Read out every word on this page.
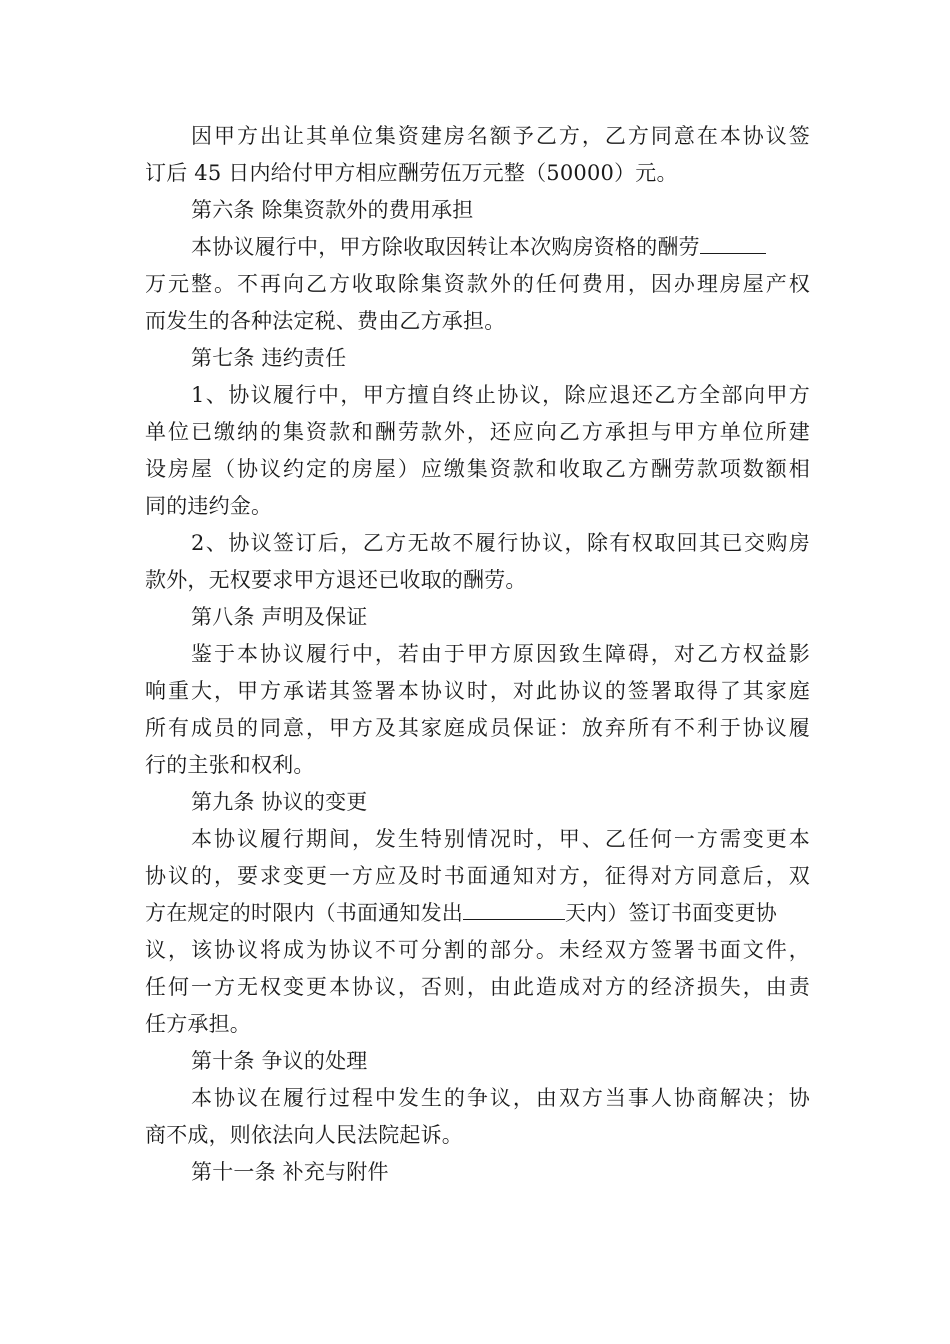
因甲方出让其单位集资建房名额予乙方，乙方同意在本协议签
订后 45 日内给付甲方相应酬劳伍万元整（50000）元。
第六条 除集资款外的费用承担
本协议履行中，甲方除收取因转让本次购房资格的酬劳
万元整。不再向乙方收取除集资款外的任何费用，因办理房屋产权
而发生的各种法定税、费由乙方承担。
第七条 违约责任
1、协议履行中，甲方擅自终止协议，除应退还乙方全部向甲方
单位已缴纳的集资款和酬劳款外，还应向乙方承担与甲方单位所建
设房屋（协议约定的房屋）应缴集资款和收取乙方酬劳款项数额相
同的违约金。
2、协议签订后，乙方无故不履行协议，除有权取回其已交购房
款外，无权要求甲方退还已收取的酬劳。
第八条 声明及保证
鉴于本协议履行中，若由于甲方原因致生障碍，对乙方权益影
响重大，甲方承诺其签署本协议时，对此协议的签署取得了其家庭
所有成员的同意，甲方及其家庭成员保证：放弃所有不利于协议履
行的主张和权利。
第九条 协议的变更
本协议履行期间，发生特别情况时，甲、乙任何一方需变更本
协议的，要求变更一方应及时书面通知对方，征得对方同意后，双
方在规定的时限内（书面通知发出	天内）签订书面变更协
议，该协议将成为协议不可分割的部分。未经双方签署书面文件，
任何一方无权变更本协议，否则，由此造成对方的经济损失，由责
任方承担。
第十条 争议的处理
本协议在履行过程中发生的争议，由双方当事人协商解决；协
商不成，则依法向人民法院起诉。
第十一条 补充与附件
